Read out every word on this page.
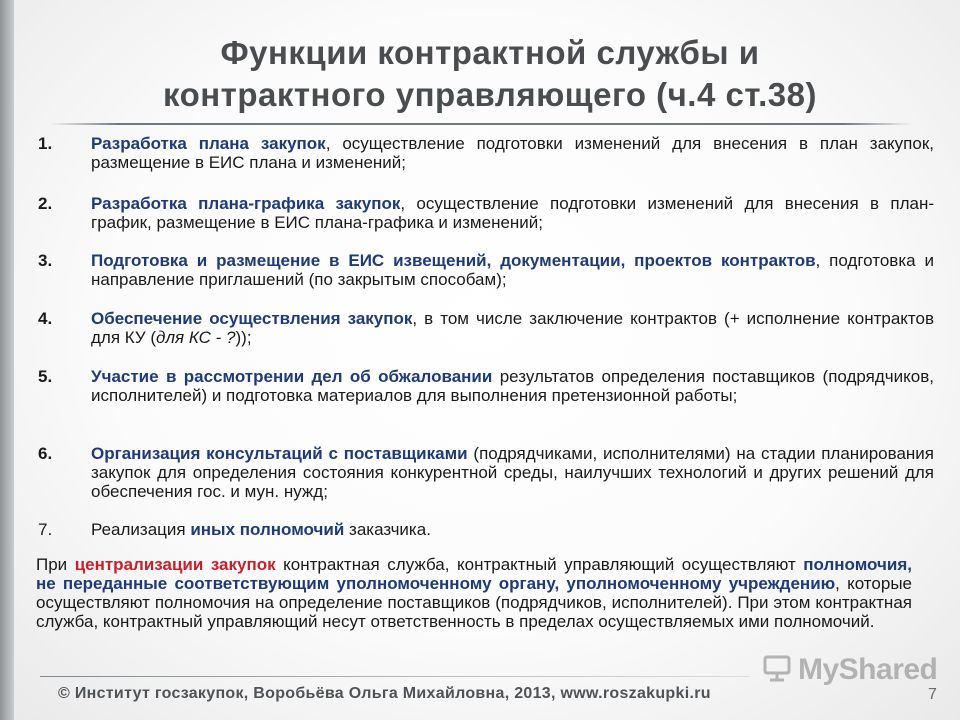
Функции контрактной службы и
контрактного управляющего (ч.4 ст.38)
1.	Разработка плана закупок, осуществление подготовки изменений для внесения в план закупок, размещение в ЕИС плана и изменений;
2.	Разработка плана-графика закупок, осуществление подготовки изменений для внесения в план-график, размещение в ЕИС плана-графика и изменений;
3.	Подготовка и размещение в ЕИС извещений, документации, проектов контрактов, подготовка и направление приглашений (по закрытым способам);
4.	Обеспечение осуществления закупок, в том числе заключение контрактов (+ исполнение контрактов для КУ (для КС - ?));
5.	Участие в рассмотрении дел об обжаловании результатов определения поставщиков (подрядчиков, исполнителей) и подготовка материалов для выполнения претензионной работы;
6.	Организация консультаций с поставщиками (подрядчиками, исполнителями) на стадии планирования закупок для определения состояния конкурентной среды, наилучших технологий и других решений для обеспечения гос. и мун. нужд;
7.	Реализация иных полномочий заказчика.
При централизации закупок контрактная служба, контрактный управляющий осуществляют полномочия, не переданные соответствующим уполномоченному органу, уполномоченному учреждению, которые осуществляют полномочия на определение поставщиков (подрядчиков, исполнителей). При этом контрактная служба, контрактный управляющий несут ответственность в пределах осуществляемых ими полномочий.
© Институт госзакупок, Воробьёва Ольга Михайловна, 2013, www.roszakupki.ru	7
MyShared
